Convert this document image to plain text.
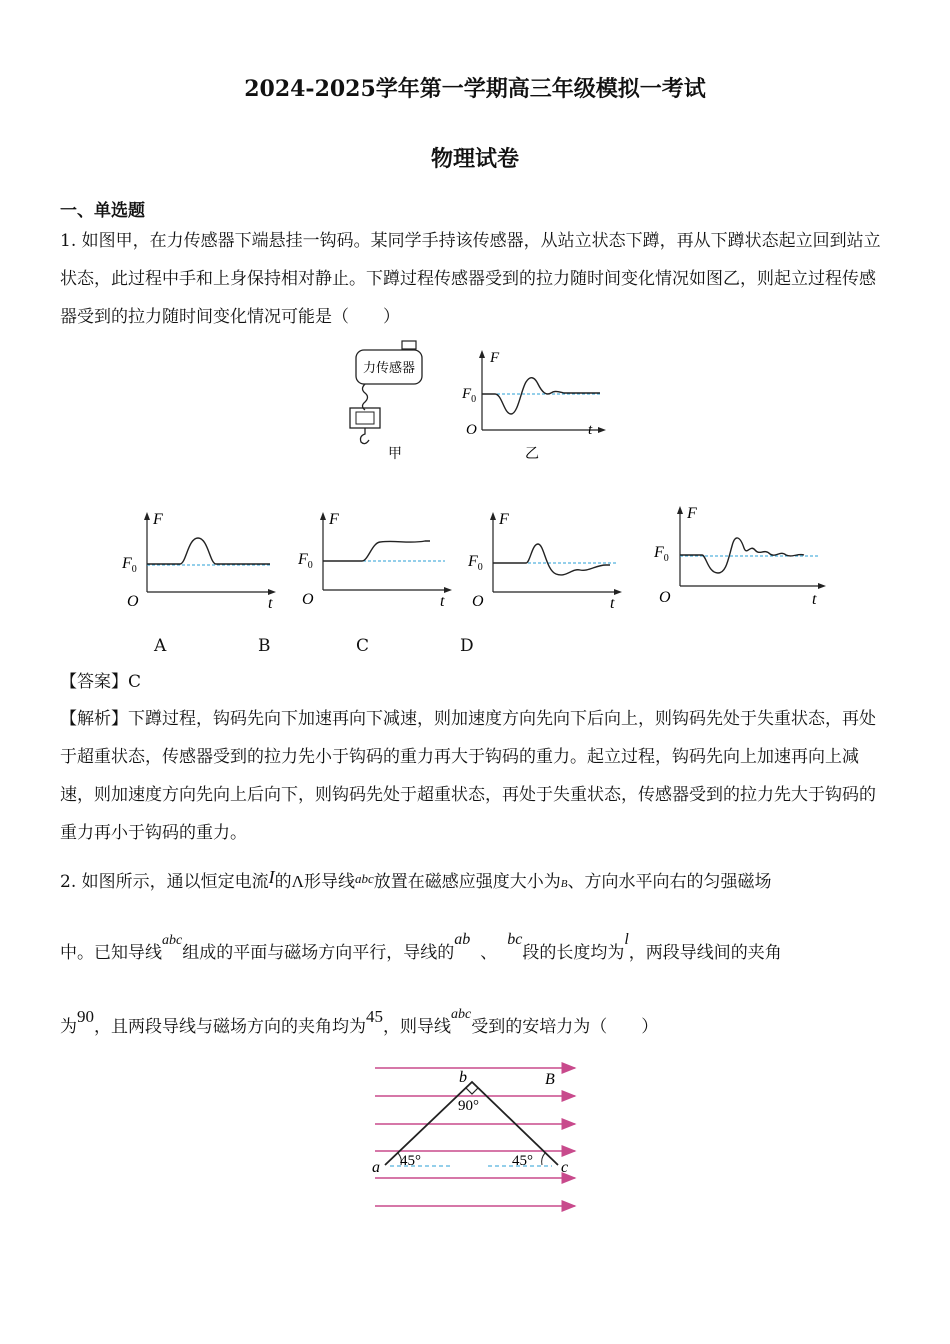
2024-2025学年第一学期高三年级模拟一考试
物理试卷
一、单选题
1. 如图甲，在力传感器下端悬挂一钩码。某同学手持该传感器，从站立状态下蹲，再从下蹲状态起立回到站立状态，此过程中手和上身保持相对静止。下蹲过程传感器受到的拉力随时间变化情况如图乙，则起立过程传感器受到的拉力随时间变化情况可能是（　　）
力传感器
甲
F
$F_0$
O	t
乙
F
$F_0$
O	t
F
$F_0$
O	t
F
$F_0$
O	t
F
$F_0$
O	t
A	B	C	D
【答案】C
【解析】下蹲过程，钩码先向下加速再向下减速，则加速度方向先向下后向上，则钩码先处于失重状态，再处于超重状态，传感器受到的拉力先小于钩码的重力再大于钩码的重力。起立过程，钩码先向上加速再向上减速，则加速度方向先向上后向下，则钩码先处于超重状态，再处于失重状态，传感器受到的拉力先大于钩码的重力再小于钩码的重力。
2. 如图所示，通以恒定电流I的Λ形导线$^{abc}$放置在磁感应强度大小为B、方向水平向右的匀强磁场
中。已知导线$^{abc}$组成的平面与磁场方向平行，导线的ab、bc段的长度均为l，两段导线间的夹角
为90，且两段导线与磁场方向的夹角均为45，则导线$^{abc}$受到的安培力为（　　）
b	B
90°
a 45°	45° c
